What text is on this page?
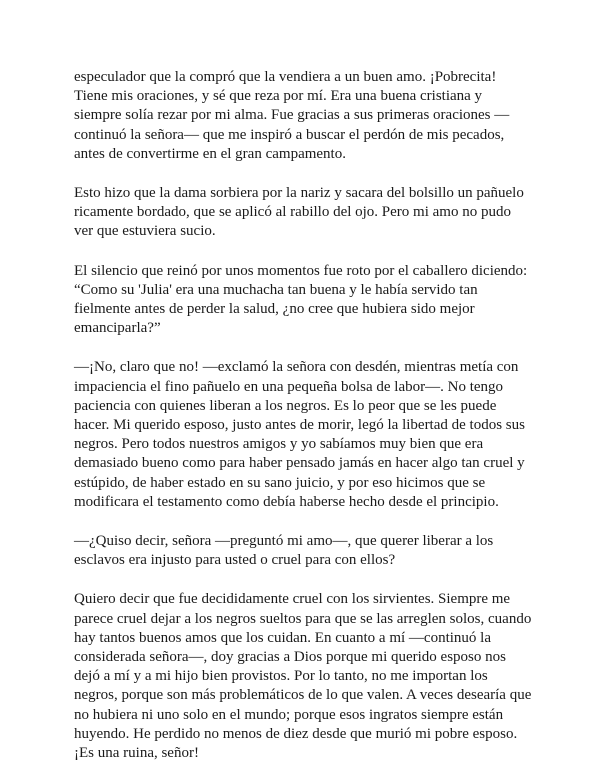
especulador que la compró que la vendiera a un buen amo. ¡Pobrecita!
Tiene mis oraciones, y sé que reza por mí. Era una buena cristiana y
siempre solía rezar por mi alma. Fue gracias a sus primeras oraciones —
continuó la señora— que me inspiró a buscar el perdón de mis pecados,
antes de convertirme en el gran campamento.

Esto hizo que la dama sorbiera por la nariz y sacara del bolsillo un pañuelo
ricamente bordado, que se aplicó al rabillo del ojo. Pero mi amo no pudo
ver que estuviera sucio.

El silencio que reinó por unos momentos fue roto por el caballero diciendo:
“Como su 'Julia' era una muchacha tan buena y le había servido tan
fielmente antes de perder la salud, ¿no cree que hubiera sido mejor
emanciparla?”

—¡No, claro que no! —exclamó la señora con desdén, mientras metía con
impaciencia el fino pañuelo en una pequeña bolsa de labor—. No tengo
paciencia con quienes liberan a los negros. Es lo peor que se les puede
hacer. Mi querido esposo, justo antes de morir, legó la libertad de todos sus
negros. Pero todos nuestros amigos y yo sabíamos muy bien que era
demasiado bueno como para haber pensado jamás en hacer algo tan cruel y
estúpido, de haber estado en su sano juicio, y por eso hicimos que se
modificara el testamento como debía haberse hecho desde el principio.

—¿Quiso decir, señora —preguntó mi amo—, que querer liberar a los
esclavos era injusto para usted o cruel para con ellos?

Quiero decir que fue decididamente cruel con los sirvientes. Siempre me
parece cruel dejar a los negros sueltos para que se las arreglen solos, cuando
hay tantos buenos amos que los cuidan. En cuanto a mí —continuó la
considerada señora—, doy gracias a Dios porque mi querido esposo nos
dejó a mí y a mi hijo bien provistos. Por lo tanto, no me importan los
negros, porque son más problemáticos de lo que valen. A veces desearía que
no hubiera ni uno solo en el mundo; porque esos ingratos siempre están
huyendo. He perdido no menos de diez desde que murió mi pobre esposo.
¡Es una ruina, señor!
